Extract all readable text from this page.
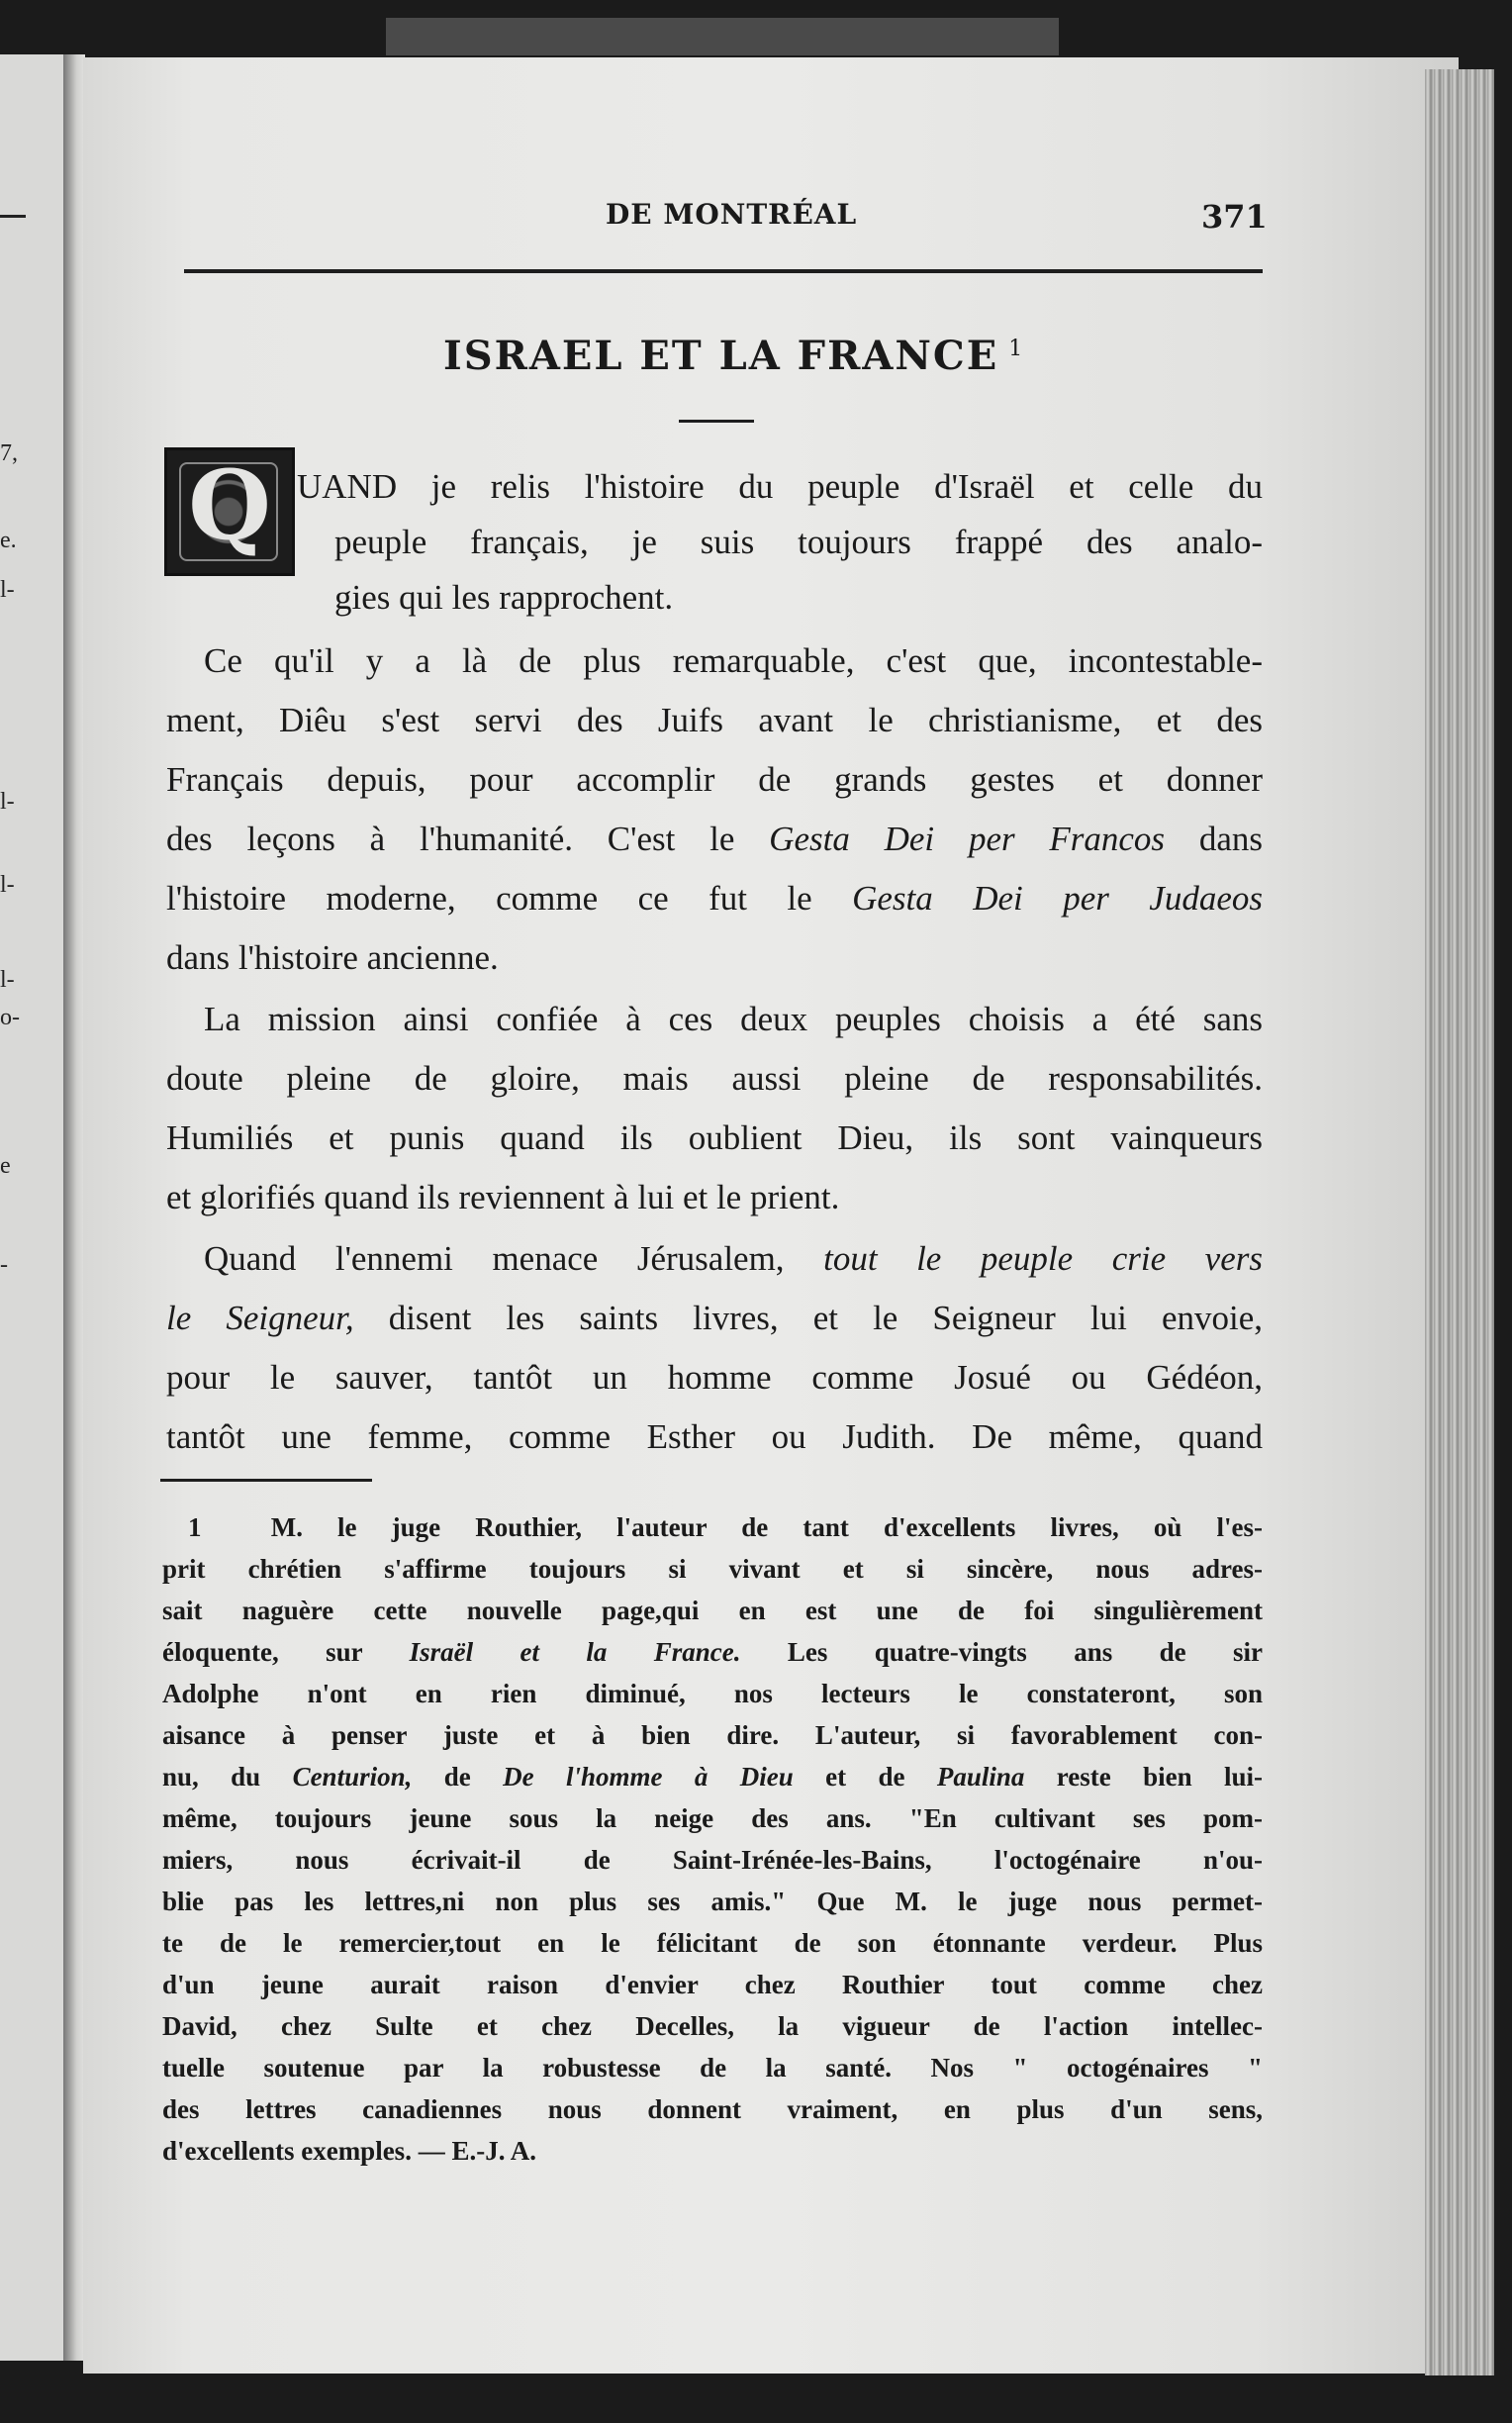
7,
e.
l-
l-
l-
l-
o-
e
-
DE MONTRÉAL	371
ISRAEL ET LA FRANCE $^1$
Q UAND je relis l'histoire du peuple d'Israël et celle du
peuple français, je suis toujours frappé des analo-
gies qui les rapprochent.
Ce qu'il y a là de plus remarquable, c'est que, incontestable-
ment, Diêu s'est servi des Juifs avant le christianisme, et des
Français depuis, pour accomplir de grands gestes et donner
des leçons à l'humanité. C'est le Gesta Dei per Francos dans
l'histoire moderne, comme ce fut le Gesta Dei per Judaeos
dans l'histoire ancienne.
La mission ainsi confiée à ces deux peuples choisis a été sans
doute pleine de gloire, mais aussi pleine de responsabilités.
Humiliés et punis quand ils oublient Dieu, ils sont vainqueurs
et glorifiés quand ils reviennent à lui et le prient.
Quand l'ennemi menace Jérusalem, tout le peuple crie vers
le Seigneur, disent les saints livres, et le Seigneur lui envoie,
pour le sauver, tantôt un homme comme Josué ou Gédéon,
tantôt une femme, comme Esther ou Judith. De même, quand
1	M. le juge Routhier, l'auteur de tant d'excellents livres, où l'es-
prit chrétien s'affirme toujours si vivant et si sincère, nous adres-
sait naguère cette nouvelle page,qui en est une de foi singulièrement
éloquente, sur Israël et la France. Les quatre-vingts ans de sir
Adolphe n'ont en rien diminué, nos lecteurs le constateront, son
aisance à penser juste et à bien dire. L'auteur, si favorablement con-
nu, du Centurion, de De l'homme à Dieu et de Paulina reste bien lui-
même, toujours jeune sous la neige des ans. "En cultivant ses pom-
miers, nous écrivait-il de Saint-Irénée-les-Bains, l'octogénaire n'ou-
blie pas les lettres,ni non plus ses amis." Que M. le juge nous permet-
te de le remercier,tout en le félicitant de son étonnante verdeur. Plus
d'un jeune aurait raison d'envier chez Routhier tout comme chez
David, chez Sulte et chez Decelles, la vigueur de l'action intellec-
tuelle soutenue par la robustesse de la santé. Nos " octogénaires "
des lettres canadiennes nous donnent vraiment, en plus d'un sens,
d'excellents exemples. — E.-J. A.
